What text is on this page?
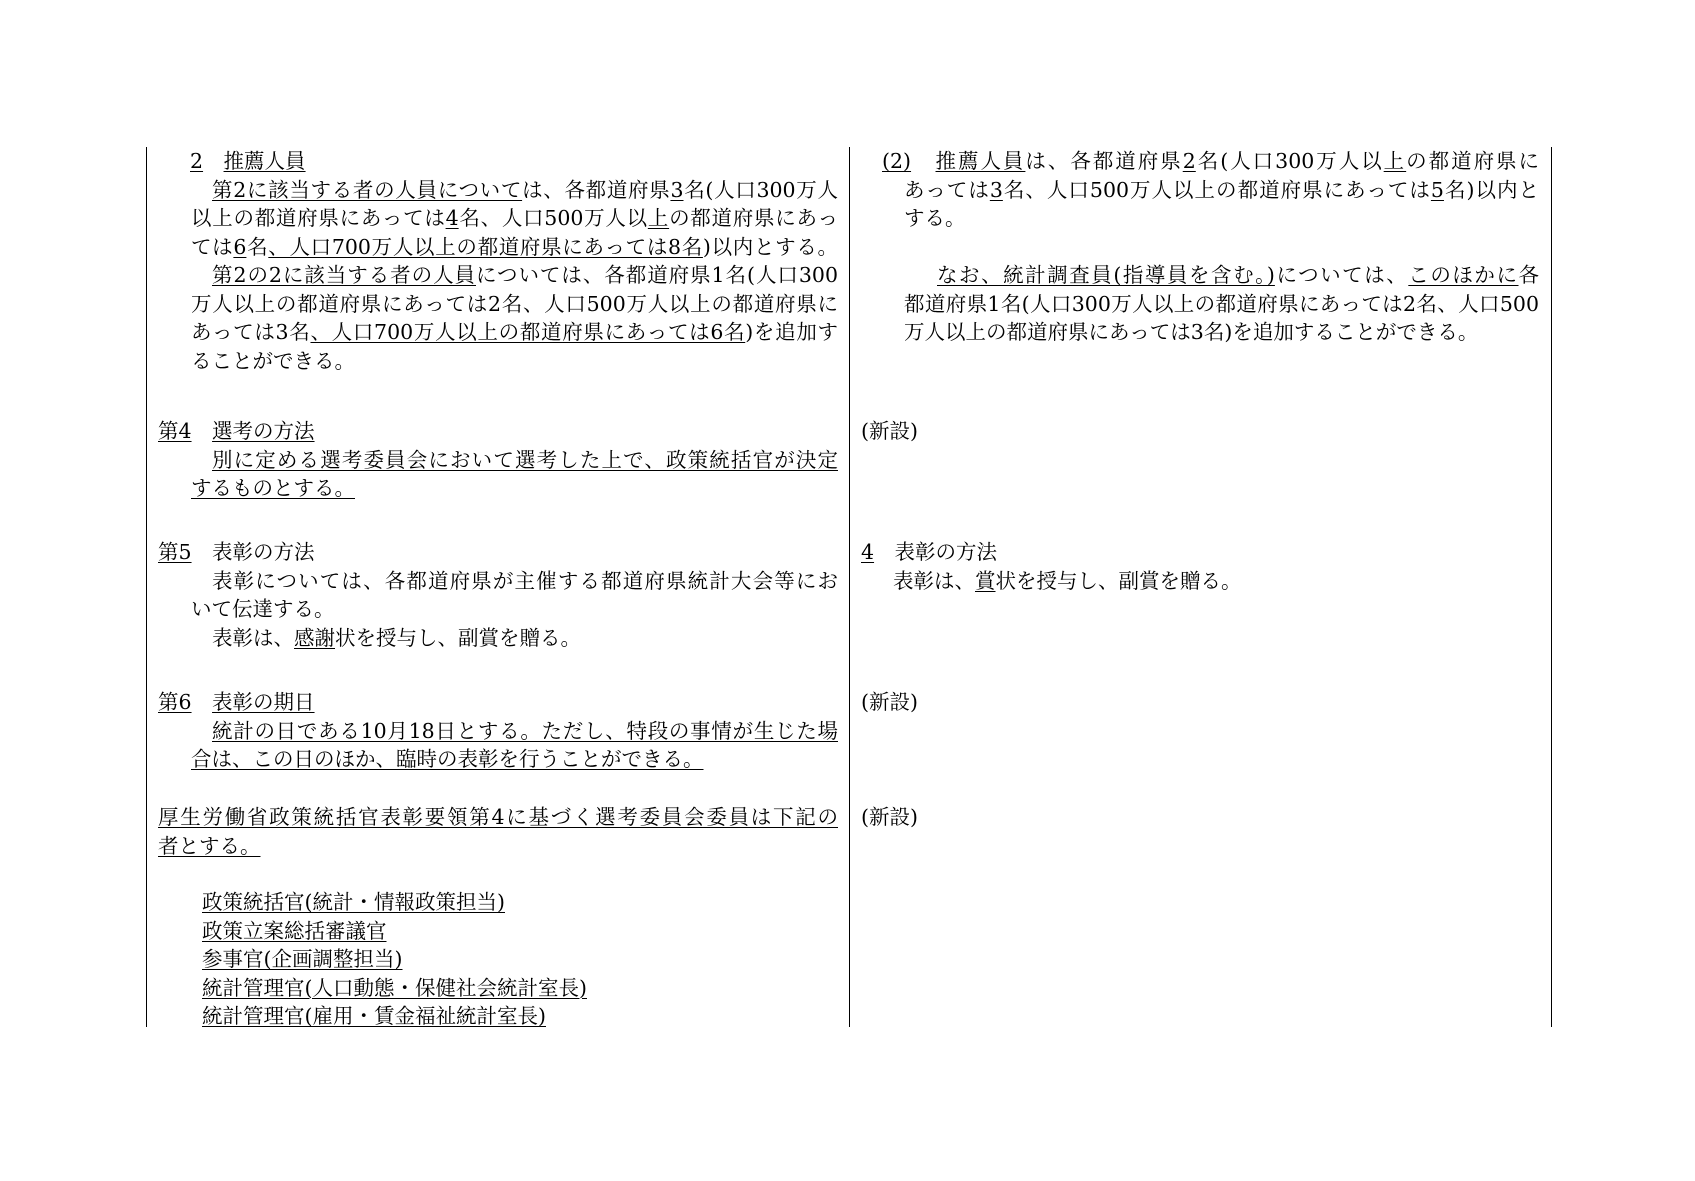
2　 推薦人員
第2に該当する者の人員については、各都道府県3名(人口300万人
以上の都道府県にあっては4名、人口500万人以上の都道府県にあっ
ては6名、人口700万人以上の都道府県にあっては8名)以内とする。
第2の2に該当する者の人員については、各都道府県1名(人口300
万人以上の都道府県にあっては2名、人口500万人以上の都道府県に
あっては3名、人口700万人以上の都道府県にあっては6名)を追加す
ることができる。
第4　 選考の方法
別に定める選考委員会において選考した上で、政策統括官が決定
するものとする。
第5　 表彰の方法
表彰については、各都道府県が主催する都道府県統計大会等にお
いて伝達する。
表彰は、感謝状を授与し、副賞を贈る。
第6　 表彰の期日
統計の日である10月18日とする。ただし、特段の事情が生じた場
合は、この日のほか、臨時の表彰を行うことができる。
厚生労働省政策統括官表彰要領第4に基づく選考委員会委員は下記の
者とする。
政策統括官(統計・情報政策担当)
政策立案総括審議官
参事官(企画調整担当)
統計管理官(人口動態・保健社会統計室長)
統計管理官(雇用・賃金福祉統計室長)
(2)　 推薦人員は、各都道府県2名(人口300万人以上の都道府県に
あっては3名、人口500万人以上の都道府県にあっては5名)以内と
する。
なお、統計調査員(指導員を含む。)については、このほかに各
都道府県1名(人口300万人以上の都道府県にあっては2名、人口500
万人以上の都道府県にあっては3名)を追加することができる。
(新設)
4　 表彰の方法
表彰は、賞状を授与し、副賞を贈る。
(新設)
(新設)
